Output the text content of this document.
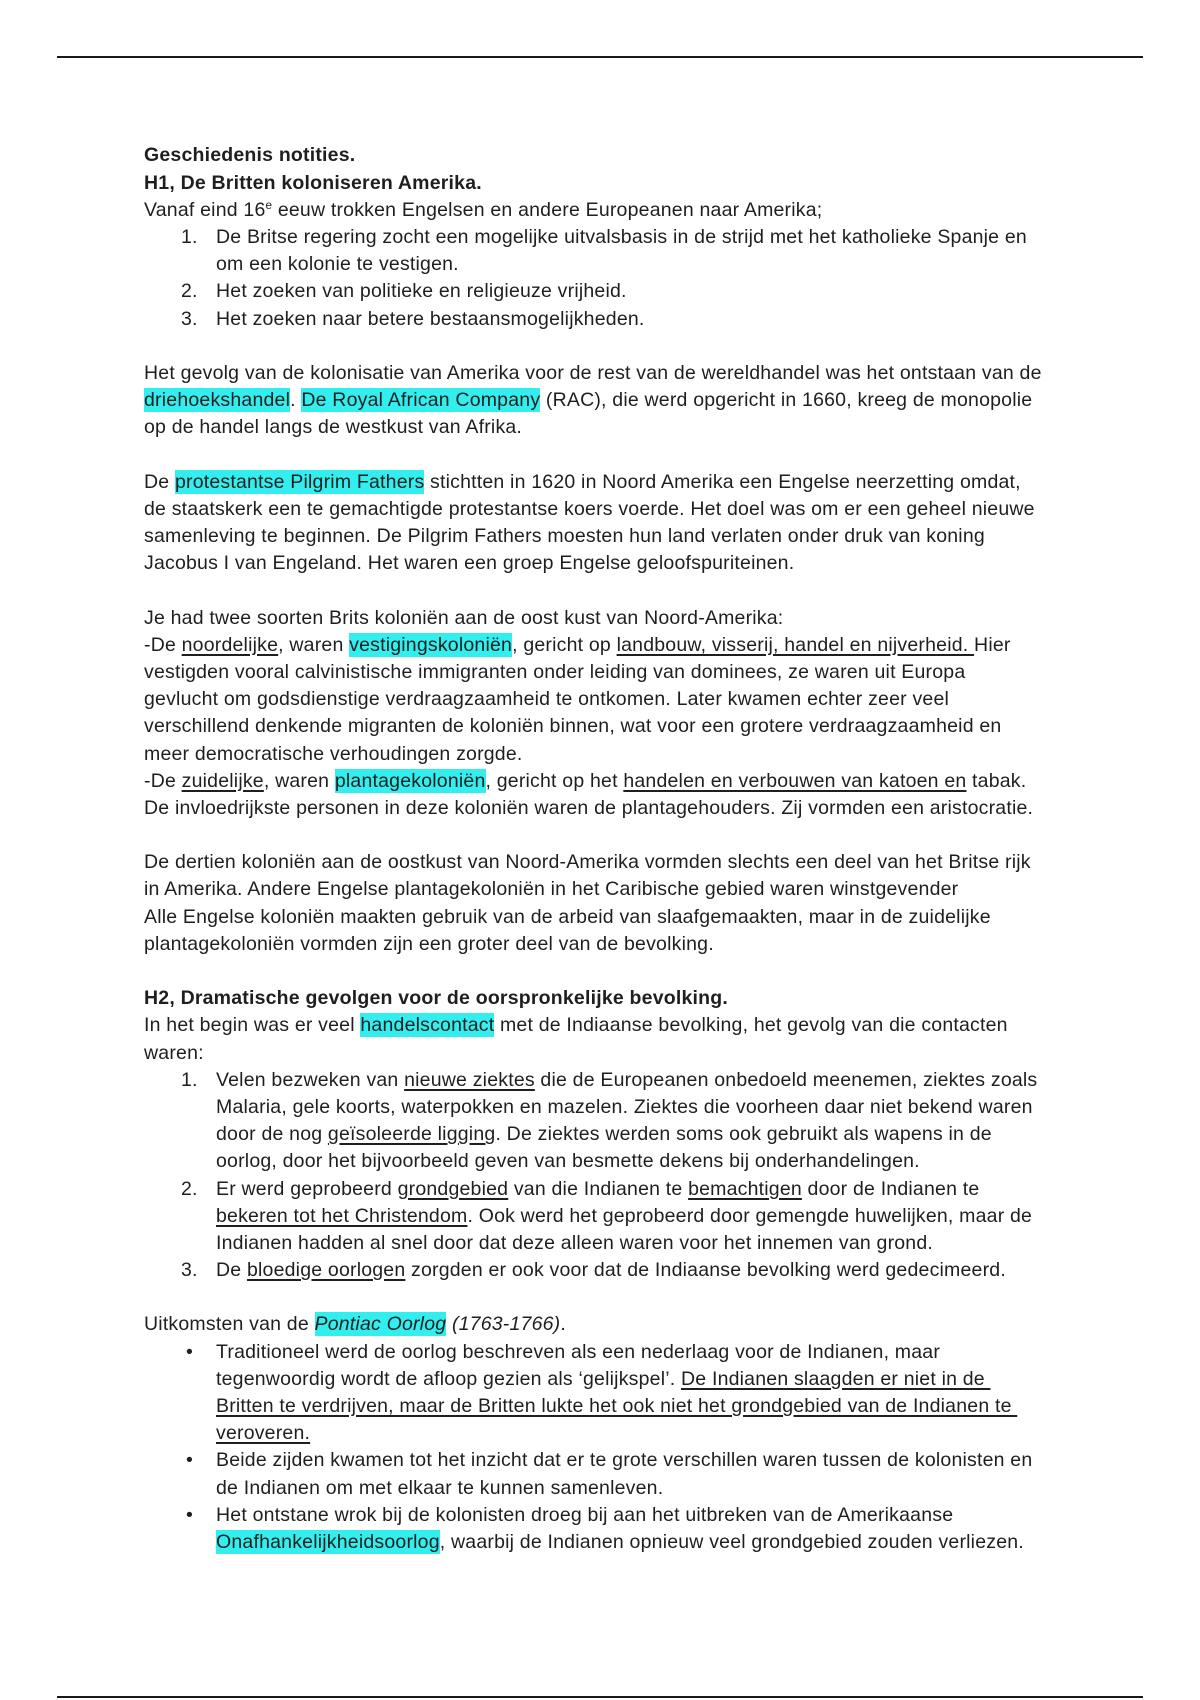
Geschiedenis notities.
H1, De Britten koloniseren Amerika.
Vanaf eind 16e eeuw trokken Engelsen en andere Europeanen naar Amerika;
1. De Britse regering zocht een mogelijke uitvalsbasis in de strijd met het katholieke Spanje en
om een kolonie te vestigen.
2. Het zoeken van politieke en religieuze vrijheid.
3. Het zoeken naar betere bestaansmogelijkheden.
Het gevolg van de kolonisatie van Amerika voor de rest van de wereldhandel was het ontstaan van de
driehoekshandel. De Royal African Company (RAC), die werd opgericht in 1660, kreeg de monopolie
op de handel langs de westkust van Afrika.
De protestantse Pilgrim Fathers stichtten in 1620 in Noord Amerika een Engelse neerzetting omdat,
de staatskerk een te gemachtigde protestantse koers voerde. Het doel was om er een geheel nieuwe
samenleving te beginnen. De Pilgrim Fathers moesten hun land verlaten onder druk van koning
Jacobus I van Engeland. Het waren een groep Engelse geloofspuriteinen.
Je had twee soorten Brits koloniën aan de oost kust van Noord-Amerika:
-De noordelijke, waren vestigingskoloniën, gericht op landbouw, visserij, handel en nijverheid. Hier
vestigden vooral calvinistische immigranten onder leiding van dominees, ze waren uit Europa
gevlucht om godsdienstige verdraagzaamheid te ontkomen. Later kwamen echter zeer veel
verschillend denkende migranten de koloniën binnen, wat voor een grotere verdraagzaamheid en
meer democratische verhoudingen zorgde.
-De zuidelijke, waren plantagekoloniën, gericht op het handelen en verbouwen van katoen en tabak.
De invloedrijkste personen in deze koloniën waren de plantagehouders. Zij vormden een aristocratie.
De dertien koloniën aan de oostkust van Noord-Amerika vormden slechts een deel van het Britse rijk
in Amerika. Andere Engelse plantagekoloniën in het Caribische gebied waren winstgevender
Alle Engelse koloniën maakten gebruik van de arbeid van slaafgemaakten, maar in de zuidelijke
plantagekoloniën vormden zijn een groter deel van de bevolking.
H2, Dramatische gevolgen voor de oorspronkelijke bevolking.
In het begin was er veel handelscontact met de Indiaanse bevolking, het gevolg van die contacten
waren:
1. Velen bezweken van nieuwe ziektes die de Europeanen onbedoeld meenemen, ziektes zoals
Malaria, gele koorts, waterpokken en mazelen. Ziektes die voorheen daar niet bekend waren
door de nog geïsoleerde ligging. De ziektes werden soms ook gebruikt als wapens in de
oorlog, door het bijvoorbeeld geven van besmette dekens bij onderhandelingen.
2. Er werd geprobeerd grondgebied van die Indianen te bemachtigen door de Indianen te
bekeren tot het Christendom. Ook werd het geprobeerd door gemengde huwelijken, maar de
Indianen hadden al snel door dat deze alleen waren voor het innemen van grond.
3. De bloedige oorlogen zorgden er ook voor dat de Indiaanse bevolking werd gedecimeerd.
Uitkomsten van de Pontiac Oorlog (1763-1766).
• Traditioneel werd de oorlog beschreven als een nederlaag voor de Indianen, maar
tegenwoordig wordt de afloop gezien als ‘gelijkspel’. De Indianen slaagden er niet in de
Britten te verdrijven, maar de Britten lukte het ook niet het grondgebied van de Indianen te
veroveren.
• Beide zijden kwamen tot het inzicht dat er te grote verschillen waren tussen de kolonisten en
de Indianen om met elkaar te kunnen samenleven.
• Het ontstane wrok bij de kolonisten droeg bij aan het uitbreken van de Amerikaanse
Onafhankelijkheidsoorlog, waarbij de Indianen opnieuw veel grondgebied zouden verliezen.
